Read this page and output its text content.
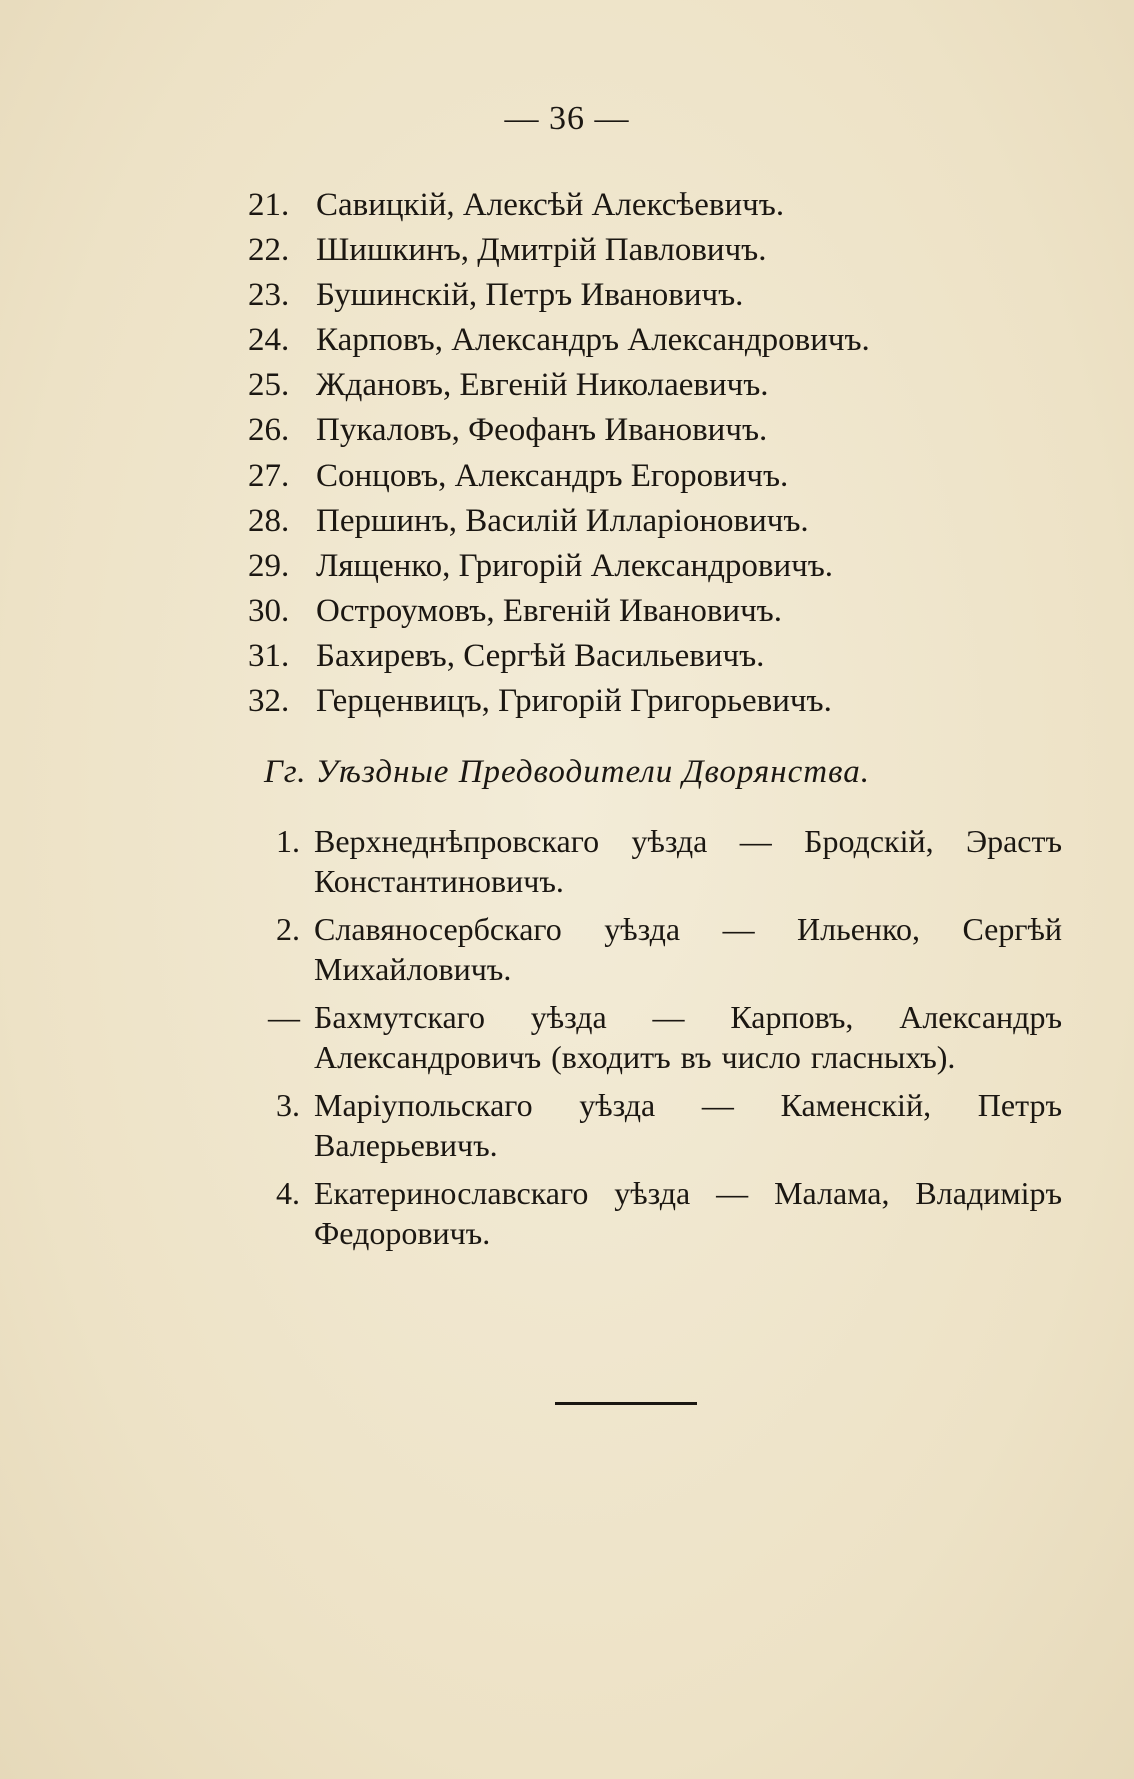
— 36 —
21. Савицкій, Алексѣй Алексѣевичъ.
22. Шишкинъ, Дмитрій Павловичъ.
23. Бушинскій, Петръ Ивановичъ.
24. Карповъ, Александръ Александровичъ.
25. Ждановъ, Евгеній Николаевичъ.
26. Пукаловъ, Феофанъ Ивановичъ.
27. Сонцовъ, Александръ Егоровичъ.
28. Першинъ, Василій Илларіоновичъ.
29. Лященко, Григорій Александровичъ.
30. Остроумовъ, Евгеній Ивановичъ.
31. Бахиревъ, Сергѣй Васильевичъ.
32. Герценвицъ, Григорій Григорьевичъ.
Гг. Уѣздные Предводители Дворянства.
1. Верхнеднѣпровскаго уѣзда — Бродскій, Эрастъ Константиновичъ.
2. Славяносербскаго уѣзда — Ильенко, Сергѣй Михайловичъ.
— Бахмутскаго уѣзда — Карповъ, Александръ Александровичъ (входитъ въ число гласныхъ).
3. Маріупольскаго уѣзда — Каменскій, Петръ Валерьевичъ.
4. Екатеринославскаго уѣзда — Малама, Владиміръ Федоровичъ.
